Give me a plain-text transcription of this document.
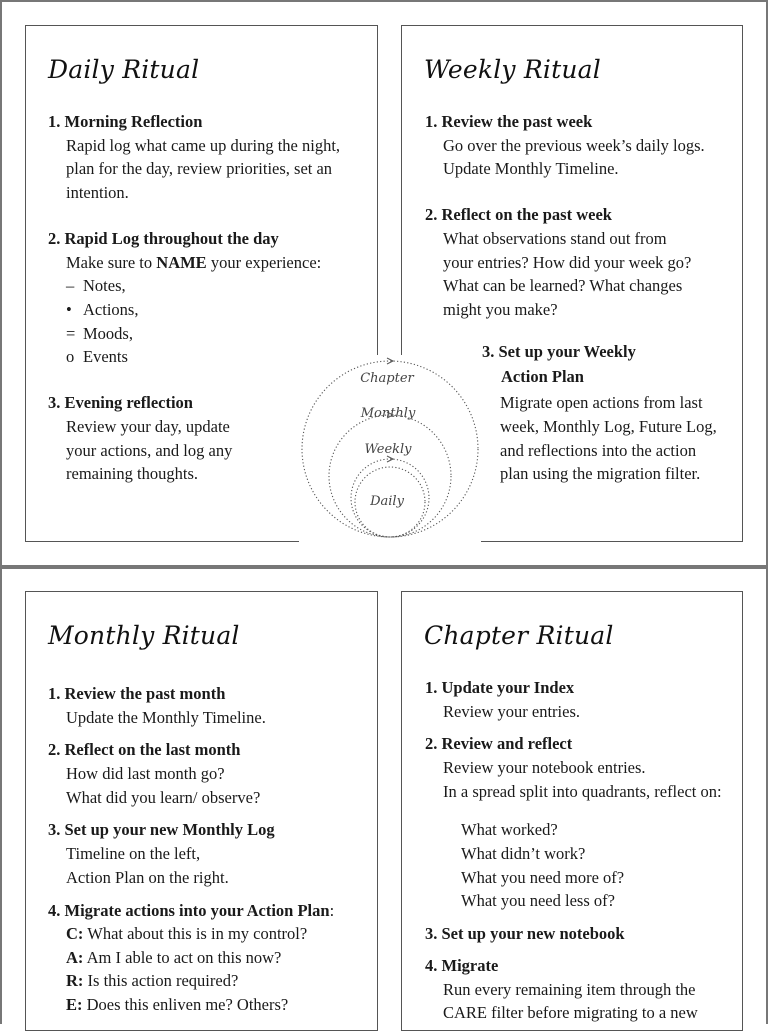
Daily Ritual
1. Morning Reflection
Rapid log what came up during the night,
plan for the day, review priorities, set an
intention.
2. Rapid Log throughout the day
Make sure to NAME your experience:
– Notes,
• Actions,
= Moods,
o Events
3. Evening reflection
Review your day, update
your actions, and log any
remaining thoughts.
Weekly Ritual
1. Review the past week
Go over the previous week’s daily logs.
Update Monthly Timeline.
2. Reflect on the past week
What observations stand out from
your entries? How did your week go?
What can be learned? What changes
might you make?
3. Set up your Weekly
Action Plan
Migrate open actions from last
week, Monthly Log, Future Log,
and reflections into the action
plan using the migration filter.
Chapter
Monthly
Weekly
Daily
Monthly Ritual
1. Review the past month
Update the Monthly Timeline.
2. Reflect on the last month
How did last month go?
What did you learn/ observe?
3. Set up your new Monthly Log
Timeline on the left,
Action Plan on the right.
4. Migrate actions into your Action Plan:
C: What about this is in my control?
A: Am I able to act on this now?
R: Is this action required?
E: Does this enliven me? Others?
Chapter Ritual
1. Update your Index
Review your entries.
2. Review and reflect
Review your notebook entries.
In a spread split into quadrants, reflect on:
What worked?
What didn’t work?
What you need more of?
What you need less of?
3. Set up your new notebook
4. Migrate
Run every remaining item through the
CARE filter before migrating to a new
